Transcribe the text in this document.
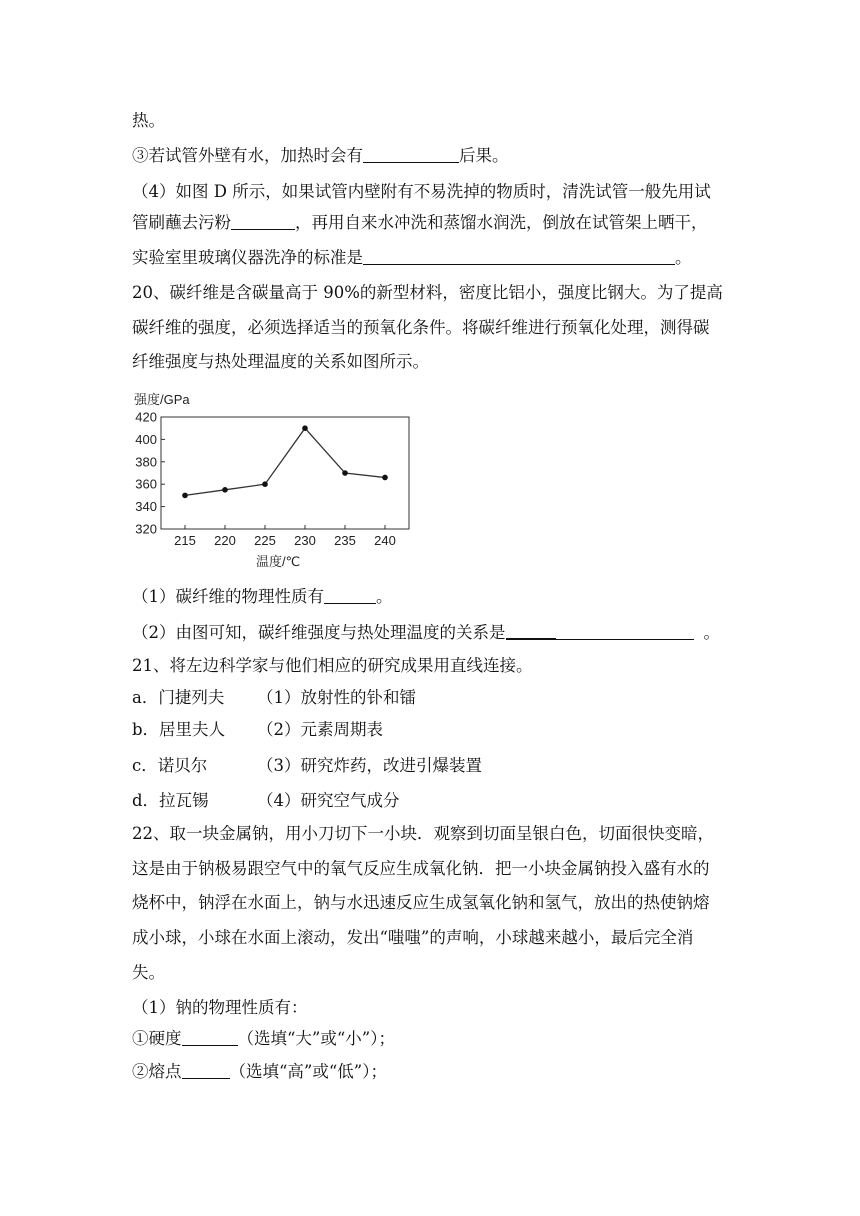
热。
③若试管外壁有水，加热时会有	后果。
（4）如图 D 所示，如果试管内壁附有不易洗掉的物质时，清洗试管一般先用试
管刷蘸去污粉	，再用自来水冲洗和蒸馏水润洗，倒放在试管架上晒干，
实验室里玻璃仪器洗净的标准是	。
20、碳纤维是含碳量高于 90%的新型材料，密度比铝小，强度比钢大。为了提高
碳纤维的强度，必须选择适当的预氧化条件。将碳纤维进行预氧化处理，测得碳
纤维强度与热处理温度的关系如图所示。
强度/GPa
320
340
360
380
400
420
215 220 225 230 235 240
温度/℃
（1）碳纤维的物理性质有	。
（2）由图可知，碳纤维强度与热处理温度的关系是	。
21、将左边科学家与他们相应的研究成果用直线连接。
a．门捷列夫 （1）放射性的钋和镭
b．居里夫人 （2）元素周期表
c．诺贝尔	（3）研究炸药，改进引爆装置
d．拉瓦锡	（4）研究空气成分
22、取一块金属钠，用小刀切下一小块．观察到切面呈银白色，切面很快变暗，
这是由于钠极易跟空气中的氧气反应生成氧化钠．把一小块金属钠投入盛有水的
烧杯中，钠浮在水面上，钠与水迅速反应生成氢氧化钠和氢气，放出的热使钠熔
成小球，小球在水面上滚动，发出“嗤嗤”的声响，小球越来越小，最后完全消
失。
（1）钠的物理性质有：
①硬度	（选填“大”或“小”）；
②熔点	（选填“高”或“低”）；
